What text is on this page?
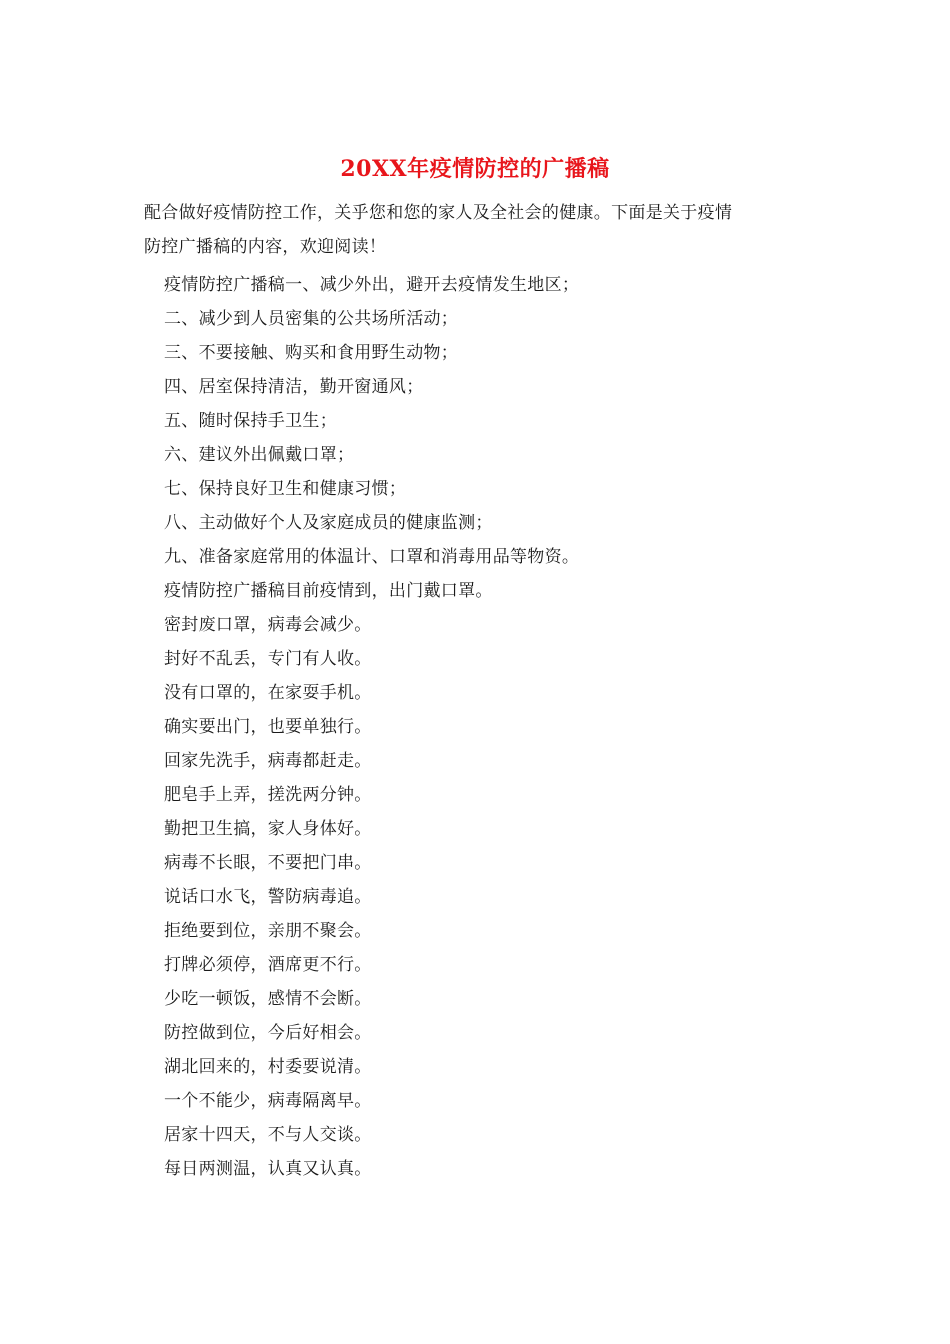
20XX年疫情防控的广播稿

配合做好疫情防控工作，关乎您和您的家人及全社会的健康。下面是关于疫情

防控广播稿的内容，欢迎阅读！

疫情防控广播稿一、减少外出，避开去疫情发生地区；
二、减少到人员密集的公共场所活动；
三、不要接触、购买和食用野生动物；
四、居室保持清洁，勤开窗通风；
五、随时保持手卫生；
六、建议外出佩戴口罩；
七、保持良好卫生和健康习惯；
八、主动做好个人及家庭成员的健康监测；
九、准备家庭常用的体温计、口罩和消毒用品等物资。
疫情防控广播稿目前疫情到，出门戴口罩。
密封废口罩，病毒会减少。
封好不乱丢，专门有人收。
没有口罩的，在家耍手机。
确实要出门，也要单独行。
回家先洗手，病毒都赶走。
肥皂手上弄，搓洗两分钟。
勤把卫生搞，家人身体好。
病毒不长眼，不要把门串。
说话口水飞，警防病毒追。
拒绝要到位，亲朋不聚会。
打牌必须停，酒席更不行。
少吃一顿饭，感情不会断。
防控做到位，今后好相会。
湖北回来的，村委要说清。
一个不能少，病毒隔离早。
居家十四天，不与人交谈。
每日两测温，认真又认真。
